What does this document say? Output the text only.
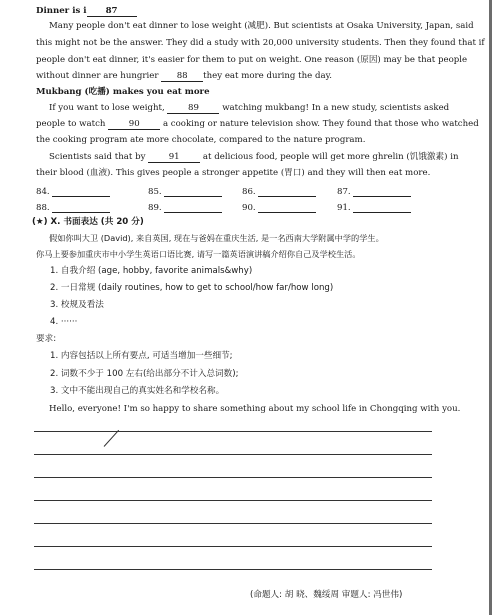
Dinner is i 87
Many people don't eat dinner to lose weight (减肥). But scientists at Osaka University, Japan, said
this might not be the answer. They did a study with 20,000 university students. Then they found that if
people don't eat dinner, it's easier for them to put on weight. One reason (原因) may be that people
without dinner are hungrier 88 they eat more during the day.
Mukbang (吃播) makes you eat more
If you want to lose weight,	89	watching mukbang! In a new study, scientists asked
people to watch	90	a cooking or nature television show. They found that those who watched
the cooking program ate more chocolate, compared to the nature program.
Scientists said that by	91	at delicious food, people will get more ghrelin (饥饿激素) in
their blood (血液). This gives people a stronger appetite (胃口) and they will then eat more.
84.	85.	86.	87.
88.	89.	90.	91.
(★) X. 书面表达 (共 20 分)
假如你叫大卫 (David), 来自英国, 现在与爸妈在重庆生活, 是一名西南大学附属中学的学生。
你马上要参加重庆市中小学生英语口语比赛, 请写一篇英语演讲稿介绍你自己及学校生活。
1. 自我介绍 (age, hobby, favorite animals&why)
2. 一日常规 (daily routines, how to get to school/how far/how long)
3. 校规及看法
4. ······
要求:
1. 内容包括以上所有要点, 可适当增加一些细节;
2. 词数不少于 100 左右(给出部分不计入总词数);
3. 文中不能出现自己的真实姓名和学校名称。
Hello, everyone! I'm so happy to share something about my school life in Chongqing with you.
(命题人: 胡 晓、魏绥周 审题人: 冯世伟)
